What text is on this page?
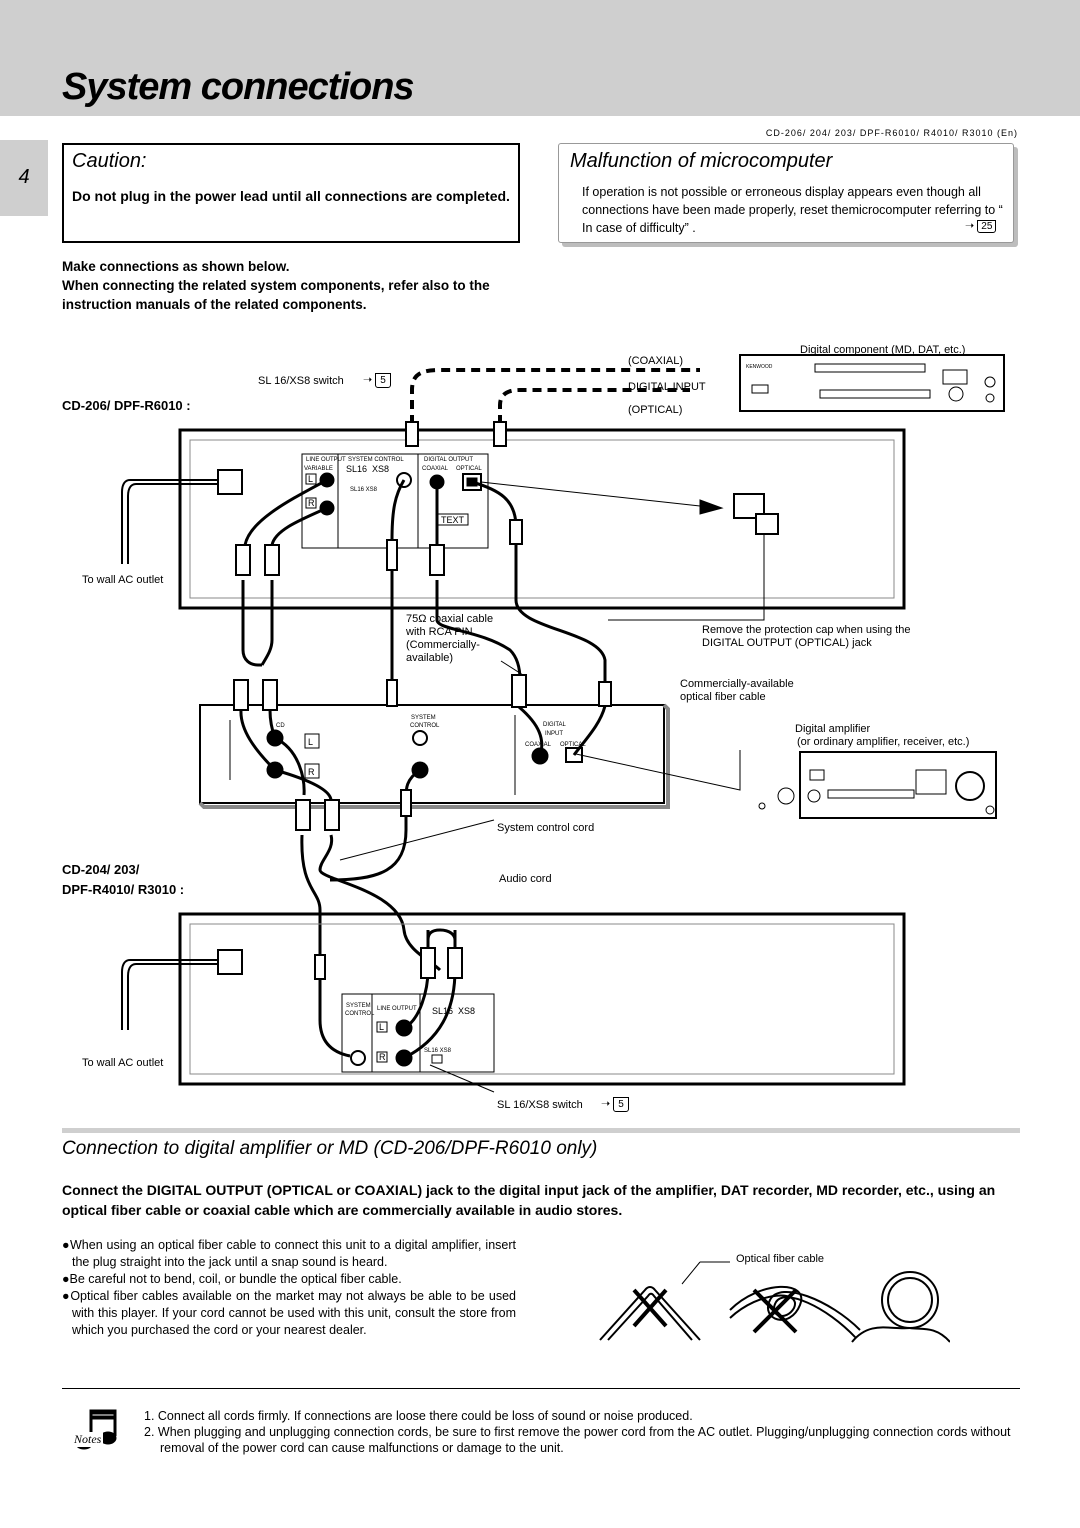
System connections
4
CD-206/ 204/ 203/ DPF-R6010/ R4010/ R3010 (En)
Caution:
Do not plug in the power lead until all connections are completed.
Malfunction of microcomputer
If operation is not possible or erroneous display appears even though all connections have been made properly, reset themicrocomputer referring to “ In case of difficulty” .	➝ 25
Make connections as shown below.
When connecting the related system components, refer also to the instruction manuals of the related components.
CD-206/ DPF-R6010 :
CD-204/ 203/
DPF-R4010/ R3010 :
SL 16/XS8 switch ➝ 5
To wall AC outlet
To wall AC outlet
Digital component (MD, DAT, etc.)
(COAXIAL)
DIGITAL INPUT
(OPTICAL)
75Ω coaxial cable
with RCA PIN.
(Commercially-
available)
Remove the protection cap when using the
DIGITAL OUTPUT (OPTICAL) jack
Commercially-available
optical fiber cable
Digital amplifier
(or ordinary amplifier, receiver, etc.)
System control cord
Audio cord
SL 16/XS8 switch ➝ 5
LINE OUTPUT
VARIABLE
SYSTEM CONTROL	DIGITAL OUTPUT
COAXIAL OPTICAL
SL16 XS8
SL16 XS8
CD
SYSTEM
CONTROL	DIGITAL
INPUT
COAXIAL OPTICAL
SYSTEM
CONTROL
LINE OUTPUT SL16 XS8
SL16 XS8
KENWOOD
L
R
TEXT
L
R
L
R
Connection to digital amplifier or MD (CD-206/DPF-R6010 only)
Connect the DIGITAL OUTPUT (OPTICAL or COAXIAL) jack to the digital input jack of the amplifier, DAT recorder, MD recorder, etc., using an optical fiber cable or coaxial cable which are commercially available in audio stores.
●When using an optical fiber cable to connect this unit to a digital amplifier, insert the plug straight into the jack until a snap sound is heard.
●Be careful not to bend, coil, or bundle the optical fiber cable.
●Optical fiber cables available on the market may not always be able to be used with this player. If your cord cannot be used with this unit, consult the store from which you purchased the cord or your nearest dealer.
Optical fiber cable
Notes
1. Connect all cords firmly. If connections are loose there could be loss of sound or noise produced.
2. When plugging and unplugging connection cords, be sure to first remove the power cord from the AC outlet. Plugging/unplugging connection cords without removal of the power cord can cause malfunctions or damage to the unit.
